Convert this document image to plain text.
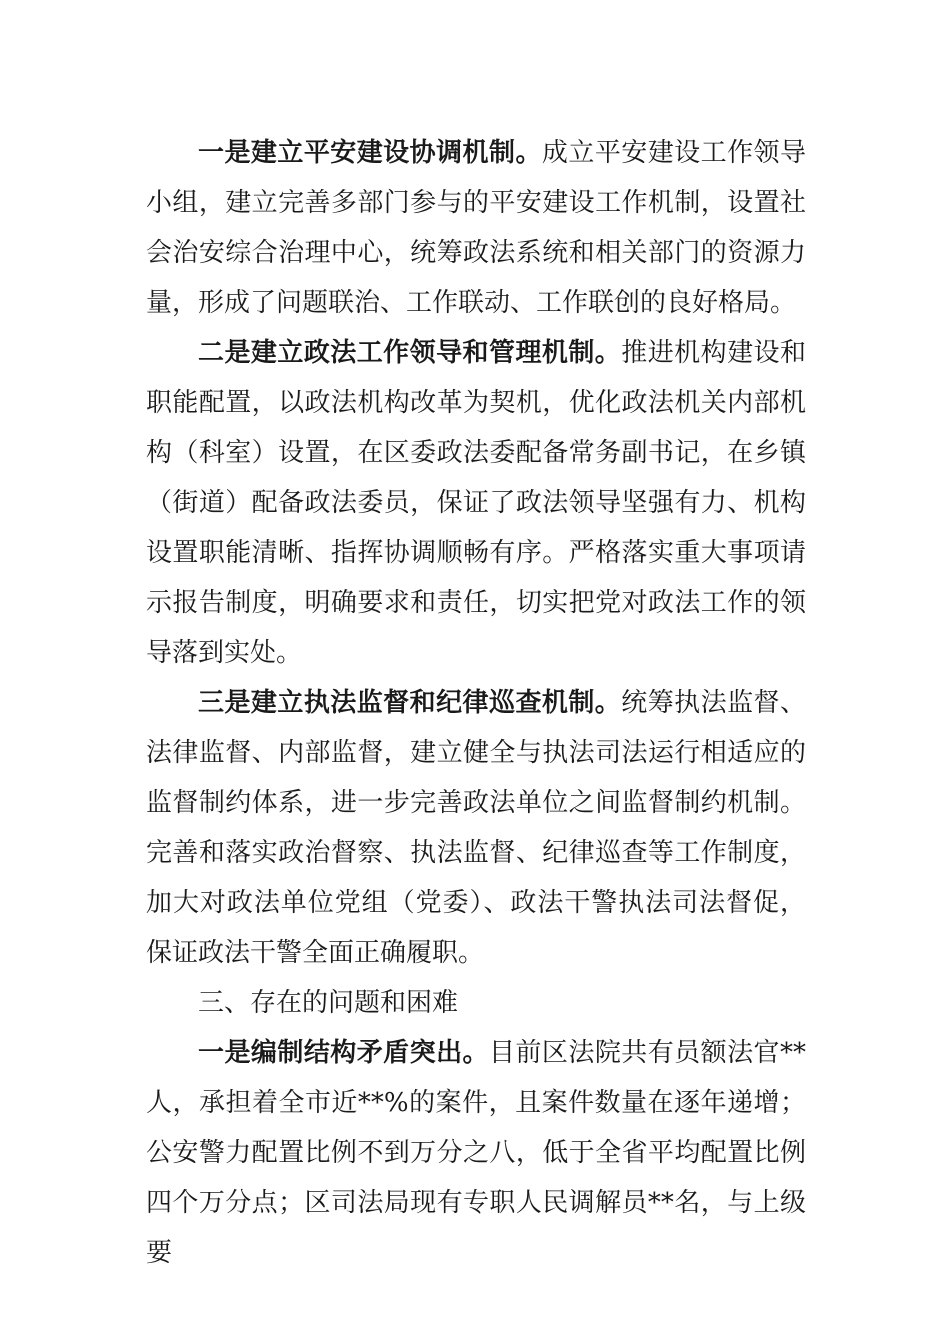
一是建立平安建设协调机制。成立平安建设工作领导小组，建立完善多部门参与的平安建设工作机制，设置社会治安综合治理中心，统筹政法系统和相关部门的资源力量，形成了问题联治、工作联动、工作联创的良好格局。

二是建立政法工作领导和管理机制。推进机构建设和职能配置，以政法机构改革为契机，优化政法机关内部机构（科室）设置，在区委政法委配备常务副书记，在乡镇（街道）配备政法委员，保证了政法领导坚强有力、机构设置职能清晰、指挥协调顺畅有序。严格落实重大事项请示报告制度，明确要求和责任，切实把党对政法工作的领导落到实处。

三是建立执法监督和纪律巡查机制。统筹执法监督、法律监督、内部监督，建立健全与执法司法运行相适应的监督制约体系，进一步完善政法单位之间监督制约机制。完善和落实政治督察、执法监督、纪律巡查等工作制度，加大对政法单位党组（党委）、政法干警执法司法督促，保证政法干警全面正确履职。

三、存在的问题和困难

一是编制结构矛盾突出。目前区法院共有员额法官**人，承担着全市近**%的案件，且案件数量在逐年递增；公安警力配置比例不到万分之八，低于全省平均配置比例四个万分点；区司法局现有专职人民调解员**名，与上级要
